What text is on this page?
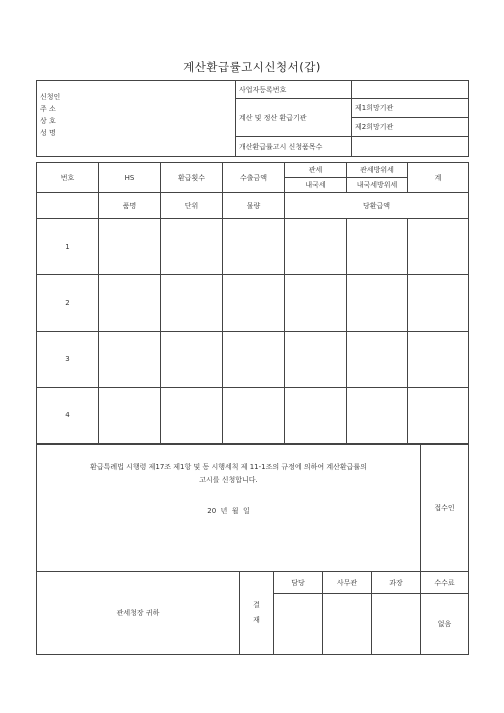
계산환급률고시신청서(갑)
신청인
주 소
상 호
성 명	사업자등록번호	
	계산 및 정산 환급기관	제1희망기관
		제2희망기관
	개산환급률고시 신청품목수	
번호	HS	환급횟수	수출금액	관세	관세방위세	계
				내국세	내국세방위세	
	품명	단위	물량	당환급액		
1						
2						
3						
4						
환급특례법 시행령 제17조 제1항 및 동 시행세칙 제 11-1조의 규정에 의하여 계산환급률의
고시를 신청합니다.
20  년  월  일					접수인
관세청장 귀하	결 재	담당	사무관	과장	수수료
					없음
